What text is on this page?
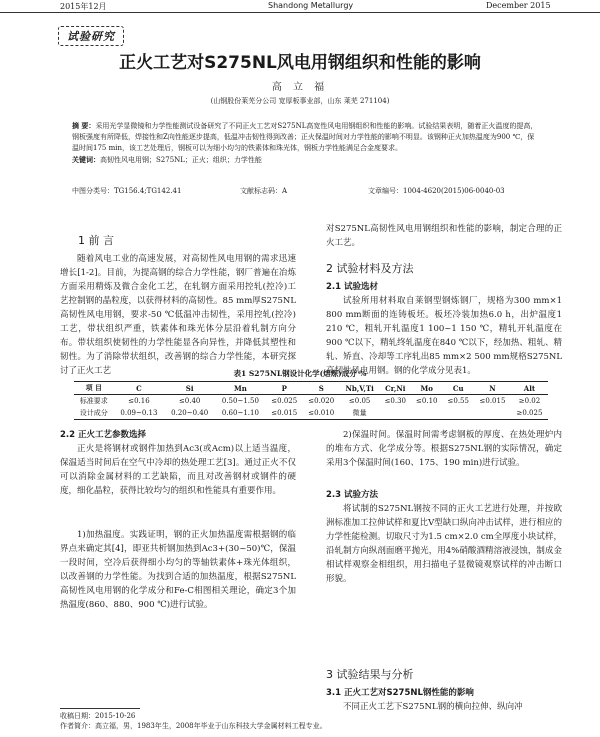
2015年12月	Shandong Metallurgy	December 2015
试验研究
正火工艺对S275NL风电用钢组织和性能的影响
高 立 福
(山钢股份莱芜分公司 宽厚板事业部，山东 莱芜 271104)
摘 要：采用光学显微镜和力学性能测试设备研究了不同正火工艺对S275NL高宽性风电用钢组织和性能的影响。试验结果表明，随着正火温度的提高，钢板强度有所降低，焊接性和Z向性能逐步提高，低温冲击韧性得到改善；正火保温时间对力学性能的影响不明显。该钢种正火加热温度为900 ℃，保温时间175 min，该工艺处理后，钢板可以为细小均匀的铁素体和珠光体，钢板力学性能满足合金度要求。
关键词：高韧性风电用钢；S275NL；正火；组织；力学性能
中图分类号：TG156.4;TG142.41	文献标志码：A	文章编号：1004-4620(2015)06-0040-03
1 前 言
随着风电工业的高速发展，对高韧性风电用钢的需求迅速增长[1-2]。目前，为提高钢的综合力学性能，钢厂普遍在冶炼方面采用精炼及微合金化工艺，在轧钢方面采用控轧(控冷)工艺控制钢的晶粒度，以获得材料的高韧性。85 mm厚S275NL高韧性风电用钢，要求-50 ℃低温冲击韧性，采用控轧(控冷)工艺，带状组织严重，铁素体和珠光体分层沿着轧制方向分布。带状组织使韧性的力学性能显各向异性，并降低其塑性和韧性。为了消除带状组织，改善钢的综合力学性能，本研究探讨了正火工艺
对S275NL高韧性风电用钢组织和性能的影响，制定合理的正火工艺。
2 试验材料及方法
2.1 试验选材
试验所用材料取自莱钢型钢炼钢厂，规格为300 mm×1 800 mm断面的连铸板坯。板坯冷装加热6.0 h，出炉温度1 210 ℃，粗轧开轧温度1 100~1 150 ℃，精轧开轧温度在900 ℃以下，精轧终轧温度在840 ℃以下，经加热、粗轧、精轧、矫直、冷却等工序轧出85 mm×2 500 mm规格S275NL高韧性风电用钢。钢的化学成分见表1。
表1 S275NL钢设计化学(熔炼)成分 %
项 目	C	Si	Mn	P	S	Nb,V,Ti	Cr,Ni	Mo	Cu	N	Alt
标准要求	≤0.16	≤0.40	0.50~1.50	≤0.025	≤0.020	≤0.05	≤0.30	≤0.10	≤0.55	≤0.015	≥0.02
设计成分	0.09~0.13	0.20~0.40	0.60~1.10	≤0.015	≤0.010	微量					≥0.025
2.2 正火工艺参数选择
正火是将钢材或钢件加热到Ac3(或Acm)以上适当温度，保温适当时间后在空气中冷却的热处理工艺[3]。通过正火不仅可以消除金属材料的工艺缺陷，而且对改善钢材或钢件的硬度，细化晶粒，获得比较均匀的组织和性能具有重要作用。
1)加热温度。实践证明，钢的正火加热温度需根据钢的临界点来确定其[4]，即亚共析钢加热到Ac3+(30~50)℃，保温一段时间，空冷后获得细小均匀的等轴铁素体+珠光体组织，以改善钢的力学性能。为找到合适的加热温度，根据S275NL高韧性风电用钢的化学成分和Fe-C相图相关理论，确定3个加热温度(860、880、900 ℃)进行试验。
2)保温时间。保温时间需考虑钢板的厚度、在热处理炉内的堆布方式、化学成分等。根据S275NL钢的实际情况，确定采用3个保温时间(160、175、190 min)进行试验。
2.3 试验方法
将试制的S275NL钢按不同的正火工艺进行处理，并按欧洲标准加工拉伸试样和夏比V型缺口纵向冲击试样，进行相应的力学性能检测。切取尺寸为1.5 cm×2.0 cm全厚度小块试样，沿轧制方向纵剖面磨平抛光，用4%硝酸酒精溶液浸蚀，制成金相试样观察金相组织，用扫描电子显微镜观察试样的冲击断口形貌。
3 试验结果与分析
3.1 正火工艺对S275NL钢性能的影响
不同正火工艺下S275NL钢的横向拉伸、纵向冲
收稿日期：2015-10-26
作者简介：高立福，男，1983年生，2008年毕业于山东科技大学金属材料工程专业。
